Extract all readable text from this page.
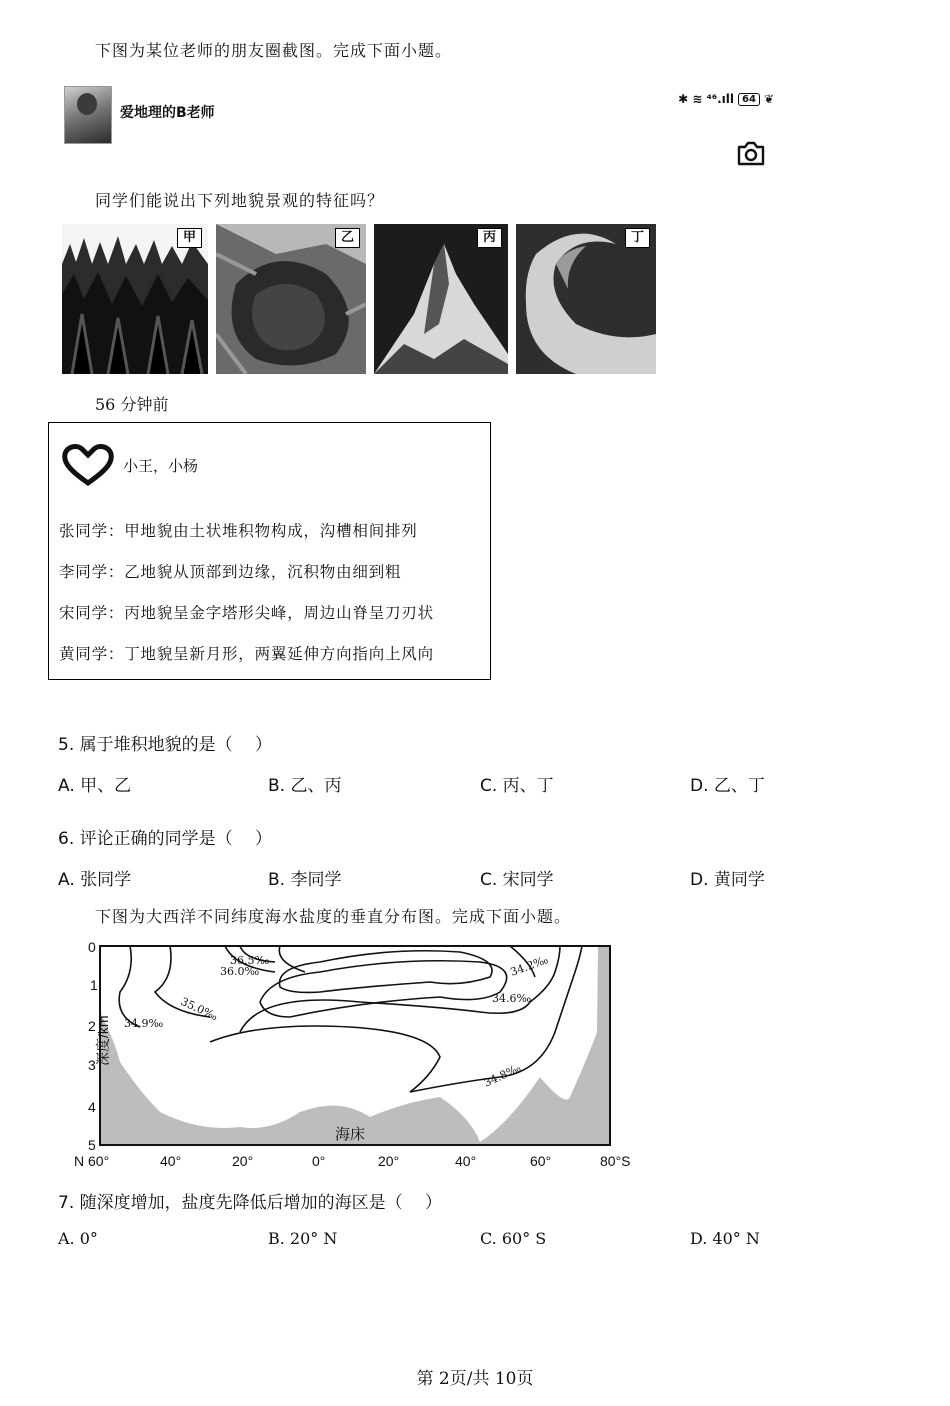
下图为某位老师的朋友圈截图。完成下面小题。
爱地理的B老师
✱ ≋ ⁴⁶.ıll 64 ❦
同学们能说出下列地貌景观的特征吗？
甲	乙	丙	丁
56 分钟前
小王，小杨
张同学：甲地貌由土状堆积物构成，沟槽相间排列
李同学：乙地貌从顶部到边缘，沉积物由细到粗
宋同学：丙地貌呈金字塔形尖峰，周边山脊呈刀刃状
黄同学：丁地貌呈新月形，两翼延伸方向指向上风向
5. 属于堆积地貌的是（　 ）
A. 甲、乙	B. 乙、丙	C. 丙、丁	D. 乙、丁
6. 评论正确的同学是（　 ）
A. 张同学	B. 李同学	C. 宋同学	D. 黄同学
下图为大西洋不同纬度海水盐度的垂直分布图。完成下面小题。
36.5‰
36.0‰
35.0‰
34.9‰
34.2‰
34.6‰
34.8‰
海床
0
1
2
3
4
5
深度/km
N 60°	40°	20°	0°	20°	40°	60°	80°S
7. 随深度增加，盐度先降低后增加的海区是（　 ）
A. 0°	B. 20° N	C. 60° S	D. 40° N
第 2页/共 10页
